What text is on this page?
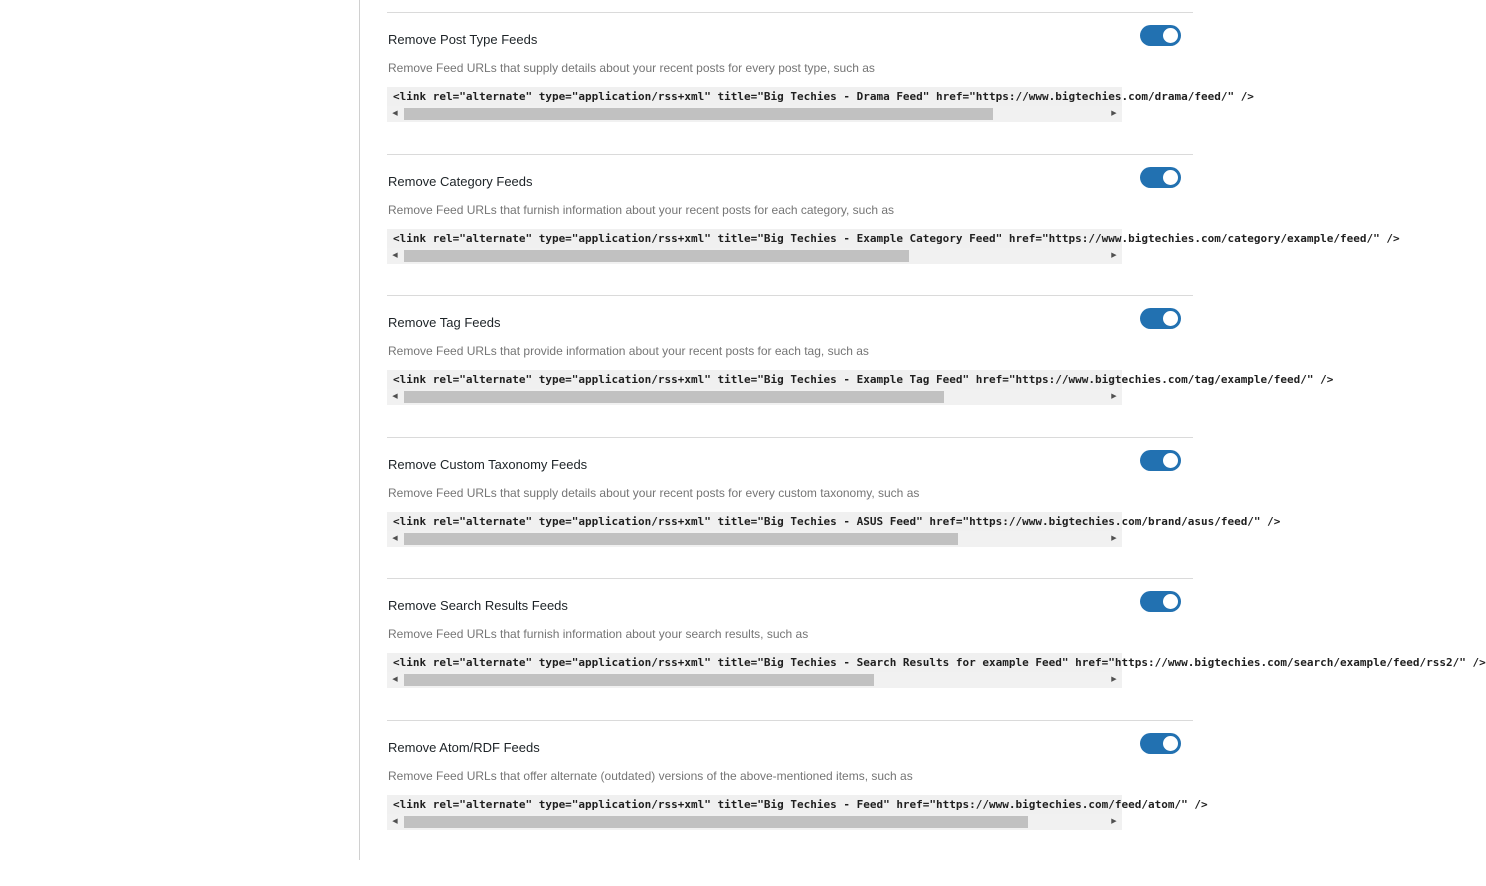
Remove Post Type Feeds
Remove Feed URLs that supply details about your recent posts for every post type, such as
<link rel="alternate" type="application/rss+xml" title="Big Techies - Drama Feed" href="https://www.bigtechies.com/drama/feed/" />
◀	▶
Remove Category Feeds
Remove Feed URLs that furnish information about your recent posts for each category, such as
<link rel="alternate" type="application/rss+xml" title="Big Techies - Example Category Feed" href="https://www.bigtechies.com/category/example/feed/" />
◀	▶
Remove Tag Feeds
Remove Feed URLs that provide information about your recent posts for each tag, such as
<link rel="alternate" type="application/rss+xml" title="Big Techies - Example Tag Feed" href="https://www.bigtechies.com/tag/example/feed/" />
◀	▶
Remove Custom Taxonomy Feeds
Remove Feed URLs that supply details about your recent posts for every custom taxonomy, such as
<link rel="alternate" type="application/rss+xml" title="Big Techies - ASUS Feed" href="https://www.bigtechies.com/brand/asus/feed/" />
◀	▶
Remove Search Results Feeds
Remove Feed URLs that furnish information about your search results, such as
<link rel="alternate" type="application/rss+xml" title="Big Techies - Search Results for example Feed" href="https://www.bigtechies.com/search/example/feed/rss2/" />
◀	▶
Remove Atom/RDF Feeds
Remove Feed URLs that offer alternate (outdated) versions of the above-mentioned items, such as
<link rel="alternate" type="application/rss+xml" title="Big Techies - Feed" href="https://www.bigtechies.com/feed/atom/" />
◀	▶
